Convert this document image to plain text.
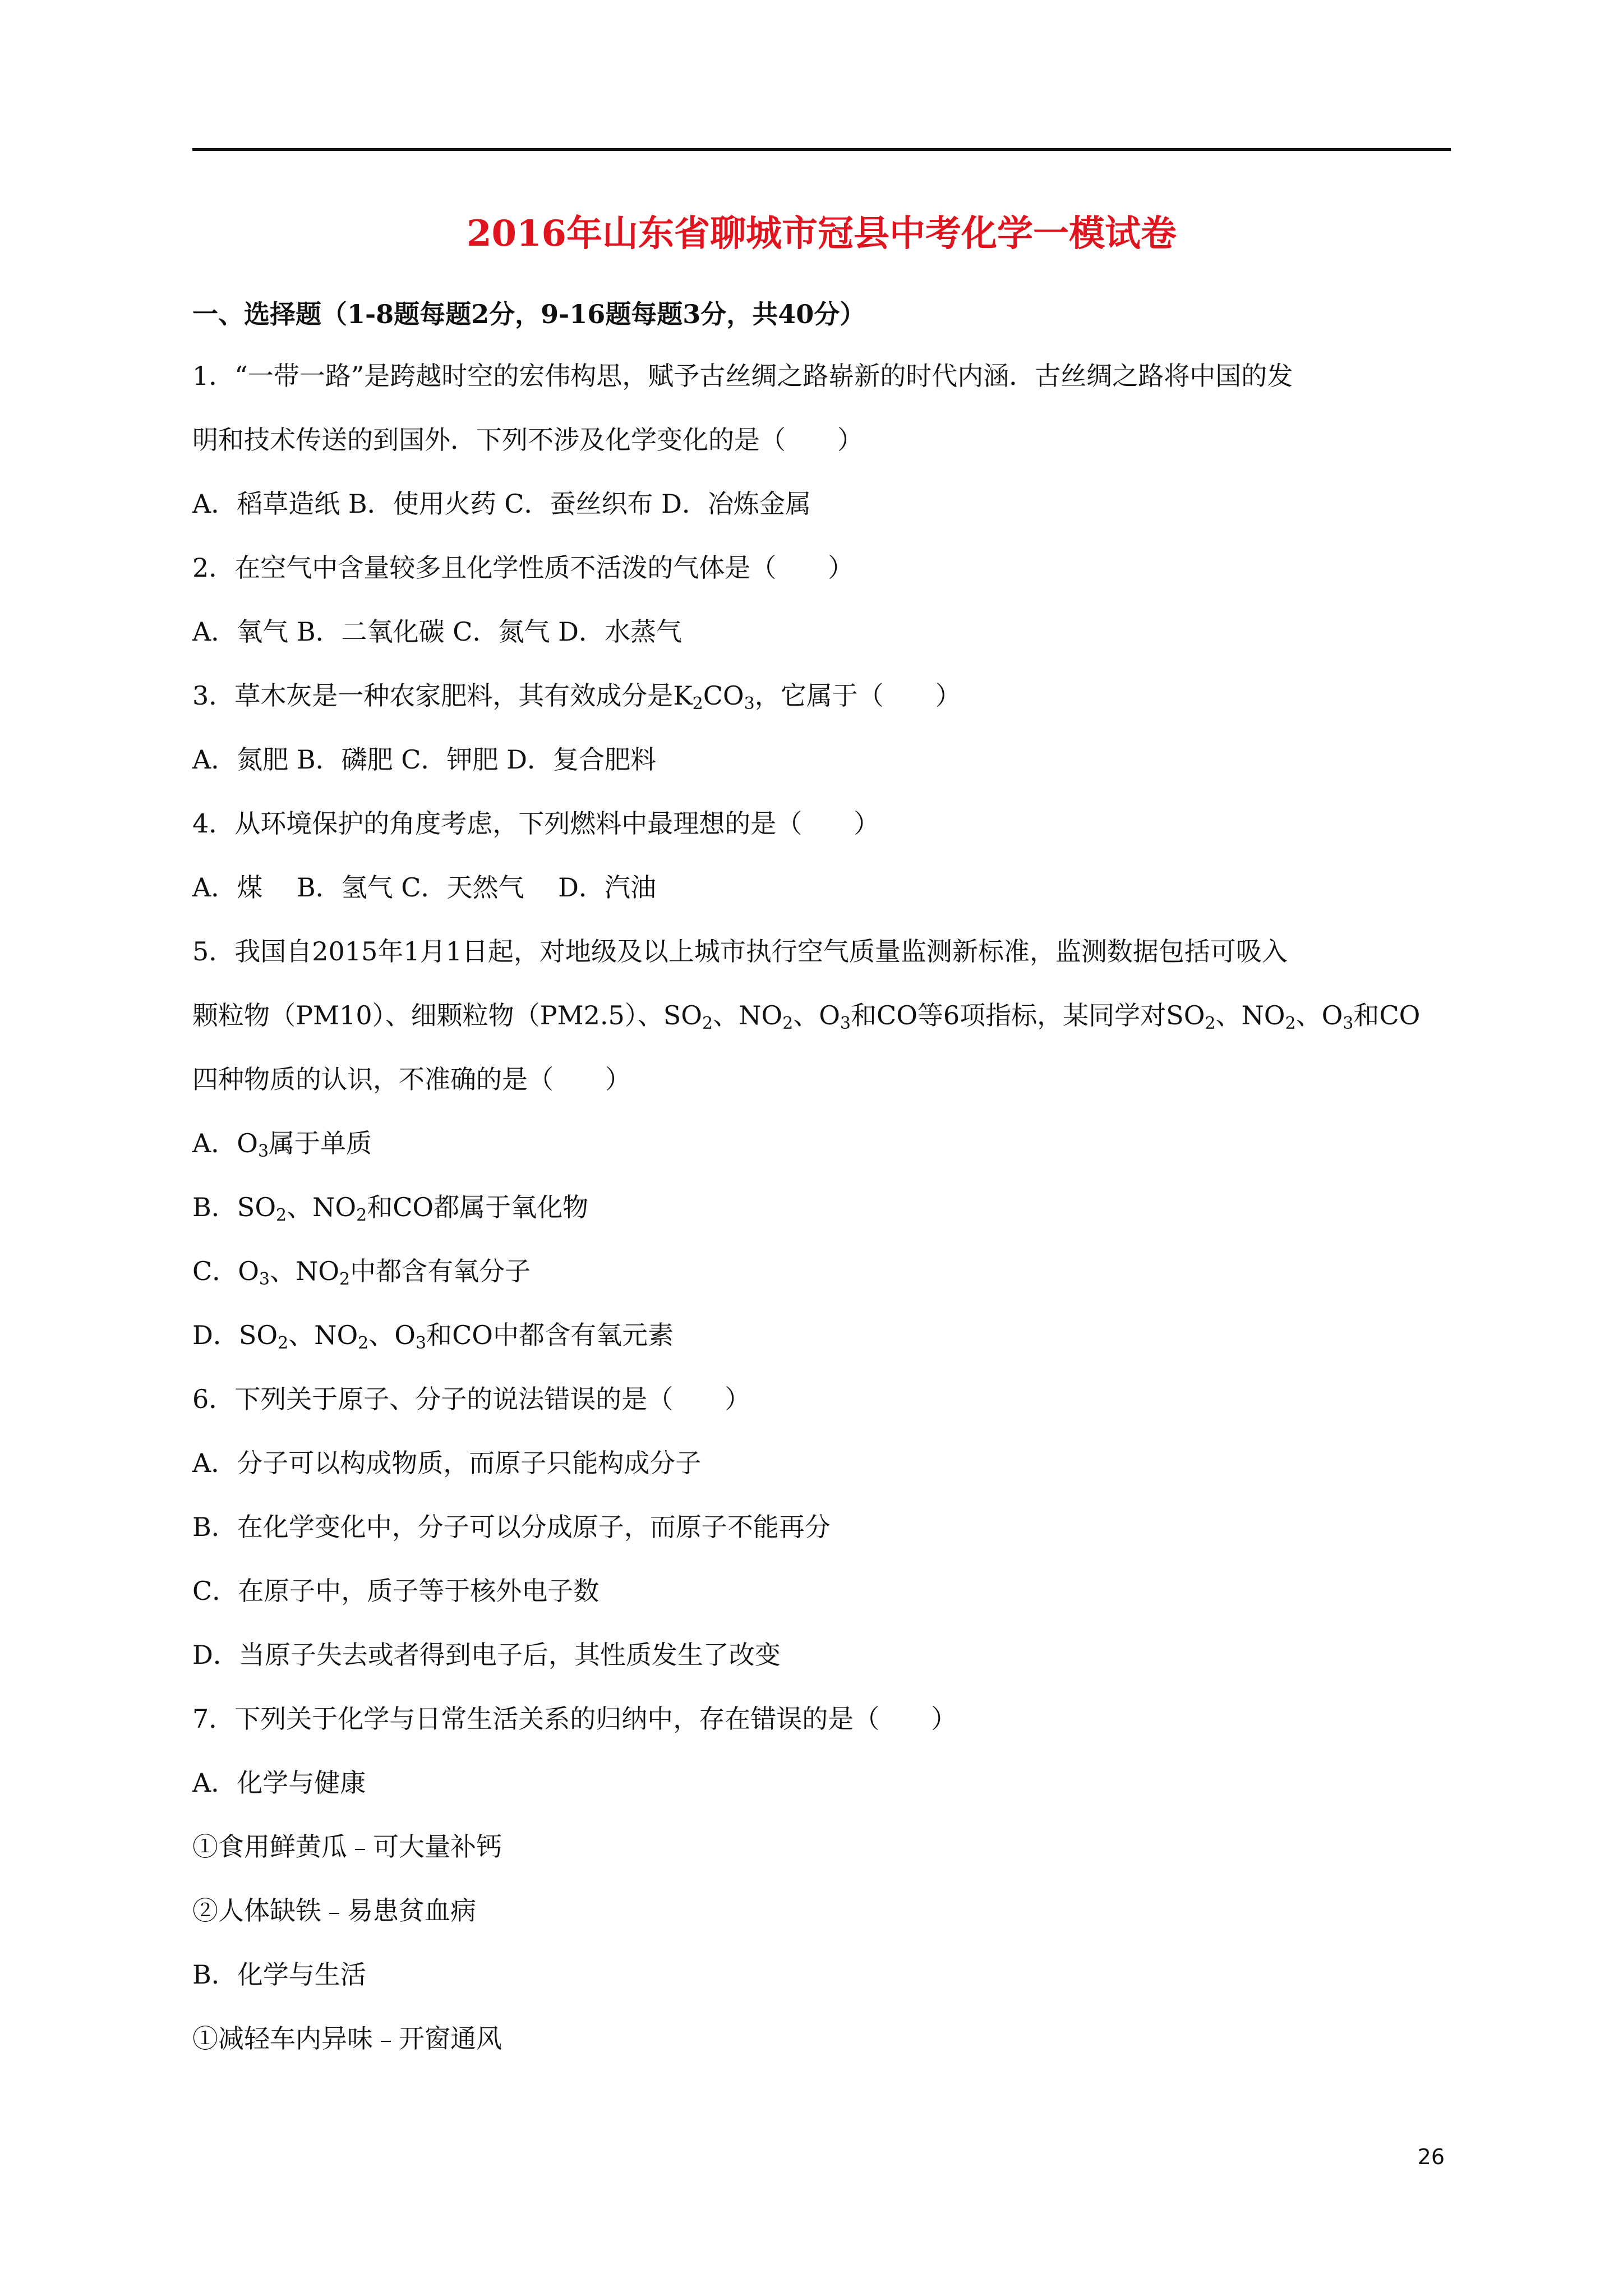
2016年山东省聊城市冠县中考化学一模试卷
一、选择题（1-8题每题2分，9-16题每题3分，共40分）
1．“一带一路”是跨越时空的宏伟构思，赋予古丝绸之路崭新的时代内涵．古丝绸之路将中国的发
明和技术传送的到国外．下列不涉及化学变化的是（　　）
A．稻草造纸 B．使用火药 C．蚕丝织布 D．冶炼金属
2．在空气中含量较多且化学性质不活泼的气体是（　　）
A．氧气 B．二氧化碳 C．氮气 D．水蒸气
3．草木灰是一种农家肥料，其有效成分是$K_2CO_3$，它属于（　　）
A．氮肥 B．磷肥 C．钾肥 D．复合肥料
4．从环境保护的角度考虑，下列燃料中最理想的是（　　）
A．煤　 B．氢气 C．天然气　 D．汽油
5．我国自2015年1月1日起，对地级及以上城市执行空气质量监测新标准，监测数据包括可吸入
颗粒物（PM10）、细颗粒物（PM2.5）、$SO_2$、$NO_2$、$O_3$和CO等6项指标，某同学对$SO_2$、$NO_2$、$O_3$和CO
四种物质的认识，不准确的是（　　）
A．$O_3$属于单质
B．$SO_2$、$NO_2$和CO都属于氧化物
C．$O_3$、$NO_2$中都含有氧分子
D．$SO_2$、$NO_2$、$O_3$和CO中都含有氧元素
6．下列关于原子、分子的说法错误的是（　　）
A．分子可以构成物质，而原子只能构成分子
B．在化学变化中，分子可以分成原子，而原子不能再分
C．在原子中，质子等于核外电子数
D．当原子失去或者得到电子后，其性质发生了改变
7．下列关于化学与日常生活关系的归纳中，存在错误的是（　　）
A．化学与健康
①食用鲜黄瓜﹣可大量补钙
②人体缺铁﹣易患贫血病
B．化学与生活
①减轻车内异味﹣开窗通风
26
